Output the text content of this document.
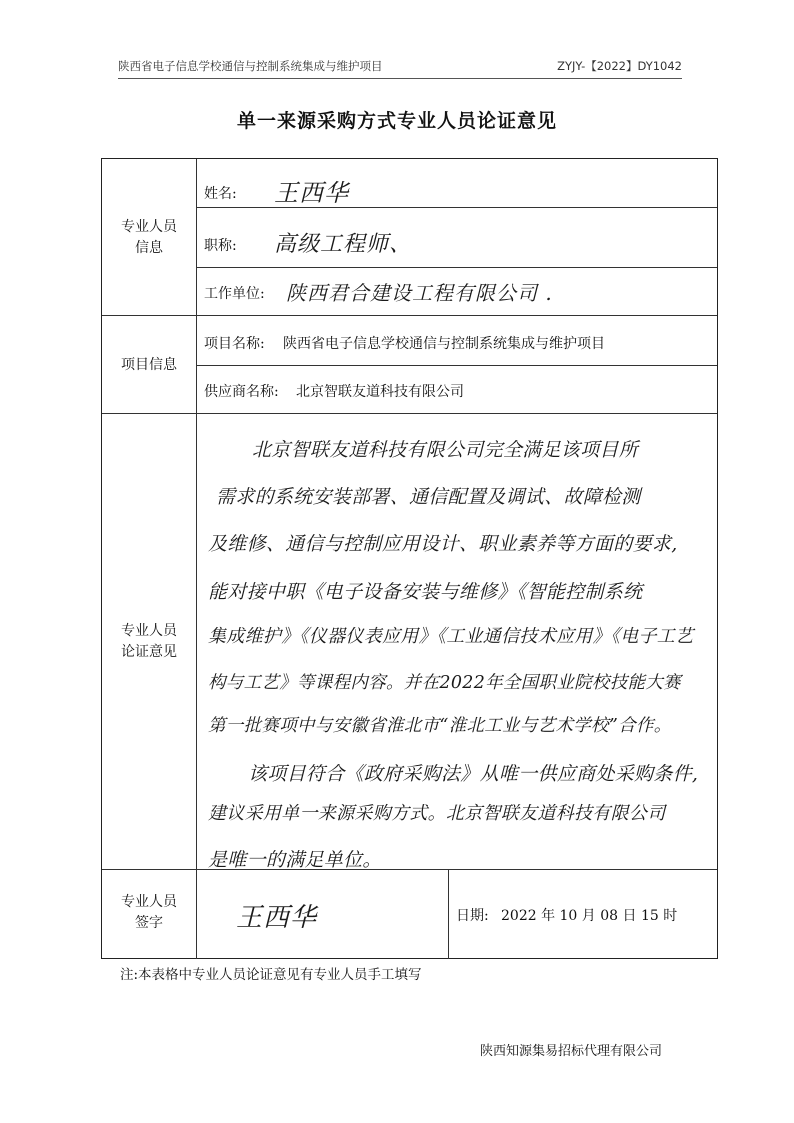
陕西省电子信息学校通信与控制系统集成与维护项目	ZYJY-【2022】DY1042
单一来源采购方式专业人员论证意见
专业人员
信息
项目信息
专业人员
论证意见
专业人员
签字
姓名: 王西华
职称: 高级工程师、
工作单位: 陕西君合建设工程有限公司 .
项目名称: 陕西省电子信息学校通信与控制系统集成与维护项目
供应商名称: 北京智联友道科技有限公司
北京智联友道科技有限公司完全满足该项目所
需求的系统安装部署、通信配置及调试、故障检测
及维修、通信与控制应用设计、职业素养等方面的要求,
能对接中职《电子设备安装与维修》《智能控制系统
集成维护》《仪器仪表应用》《工业通信技术应用》《电子工艺
构与工艺》等课程内容。并在2022年全国职业院校技能大赛
第一批赛项中与安徽省淮北市“淮北工业与艺术学校”合作。
该项目符合《政府采购法》从唯一供应商处采购条件,
建议采用单一来源采购方式。北京智联友道科技有限公司
是唯一的满足单位。
王西华	日期: 2022 年 10 月 08 日 15 时
注:本表格中专业人员论证意见有专业人员手工填写
陕西知源集易招标代理有限公司
